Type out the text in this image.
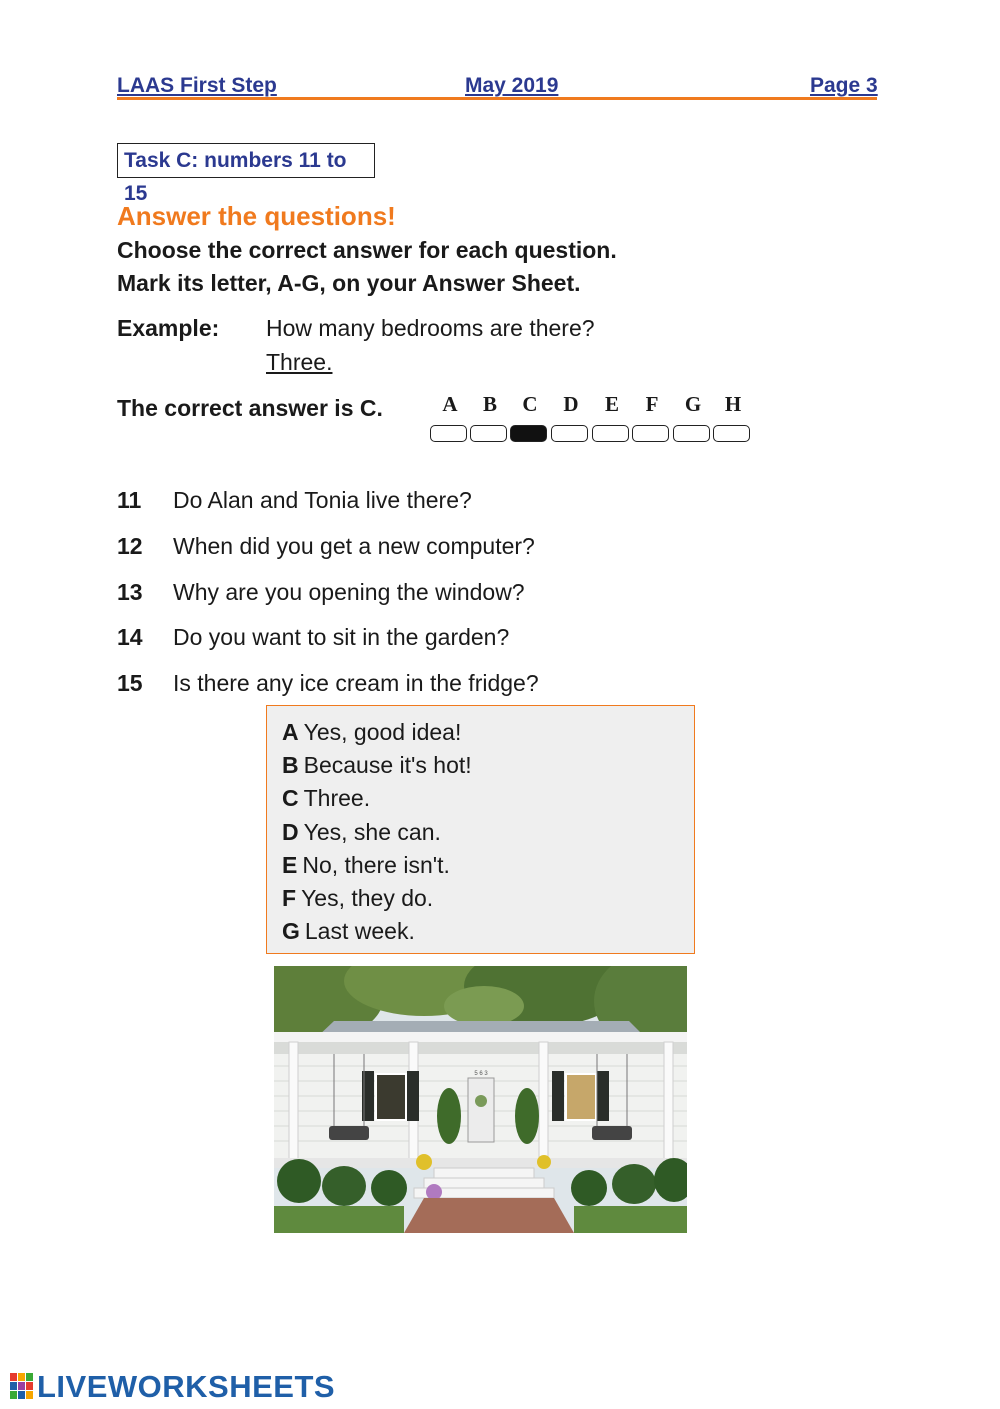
LAAS First Step	May 2019	Page 3
Task C: numbers 11 to 15
Answer the questions!
Choose the correct answer for each question.
Mark its letter, A-G, on your Answer Sheet.
Example: How many bedrooms are there?
Three.
The correct answer is C.	A	B	C	D	E	F	G	H
11	Do Alan and Tonia live there?
12	When did you get a new computer?
13	Why are you opening the window?
14	Do you want to sit in the garden?
15	Is there any ice cream in the fridge?
A Yes, good idea!
B Because it's hot!
C Three.
D Yes, she can.
E No, there isn't.
F Yes, they do.
G Last week.
5 6 3
LIVEWORKSHEETS
